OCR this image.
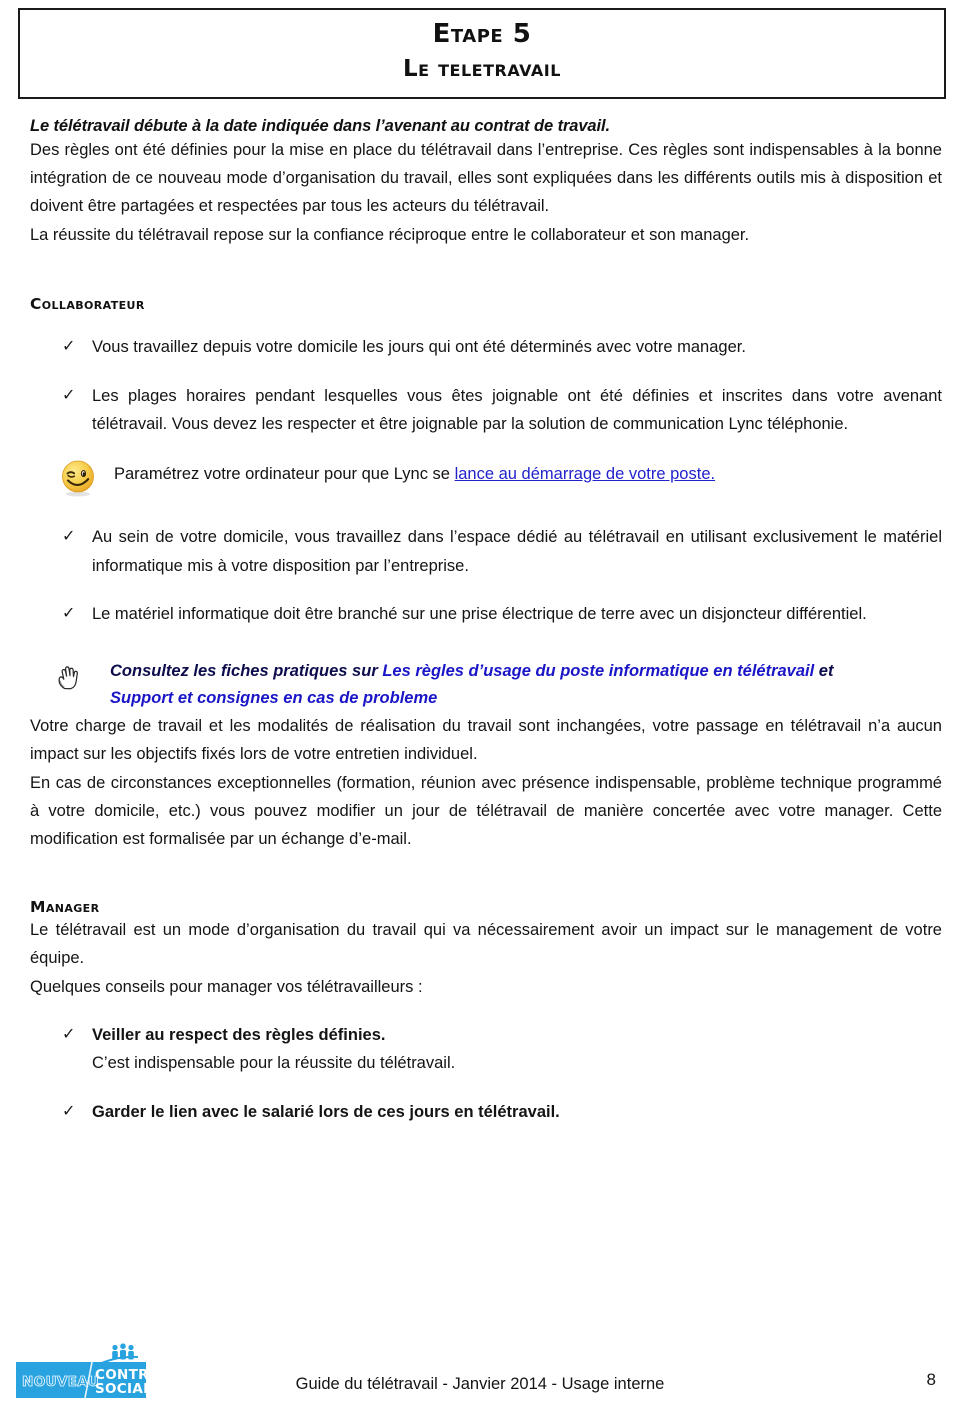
Etape 5
Le teletravail
Le télétravail débute à la date indiquée dans l’avenant au contrat de travail.

Des règles ont été définies pour la mise en place du télétravail dans l’entreprise. Ces règles sont indispensables à la bonne intégration de ce nouveau mode d’organisation du travail, elles sont expliquées dans les différents outils mis à disposition et doivent être partagées et respectées par tous les acteurs du télétravail.

La réussite du télétravail repose sur la confiance réciproque entre le collaborateur et son manager.

Collaborateur
✓	Vous travaillez depuis votre domicile les jours qui ont été déterminés avec votre manager.
✓	Les plages horaires pendant lesquelles vous êtes joignable ont été définies et inscrites dans votre avenant télétravail. Vous devez les respecter et être joignable par la solution de communication Lync téléphonie.
Paramétrez votre ordinateur pour que Lync se lance au démarrage de votre poste.
✓	Au sein de votre domicile, vous travaillez dans l’espace dédié au télétravail en utilisant exclusivement le matériel informatique mis à votre disposition par l’entreprise.
✓	Le matériel informatique doit être branché sur une prise électrique de terre avec un disjoncteur différentiel.
Consultez les fiches pratiques sur Les règles d’usage du poste informatique en télétravail et
Support et consignes en cas de probleme

Votre charge de travail et les modalités de réalisation du travail sont inchangées, votre passage en télétravail n’a aucun impact sur les objectifs fixés lors de votre entretien individuel.

En cas de circonstances exceptionnelles (formation, réunion avec présence indispensable, problème technique programmé à votre domicile, etc.) vous pouvez modifier un jour de télétravail de manière concertée avec votre manager. Cette modification est formalisée par un échange d’e-mail.

Manager

Le télétravail est un mode d’organisation du travail qui va nécessairement avoir un impact sur le management de votre équipe.

Quelques conseils pour manager vos télétravailleurs :

✓	Veiller au respect des règles définies.
C’est indispensable pour la réussite du télétravail.
✓	Garder le lien avec le salarié lors de ces jours en télétravail.
NOUVEAU
CONTRAT
SOCIAL	Guide du télétravail - Janvier 2014 - Usage interne	8
